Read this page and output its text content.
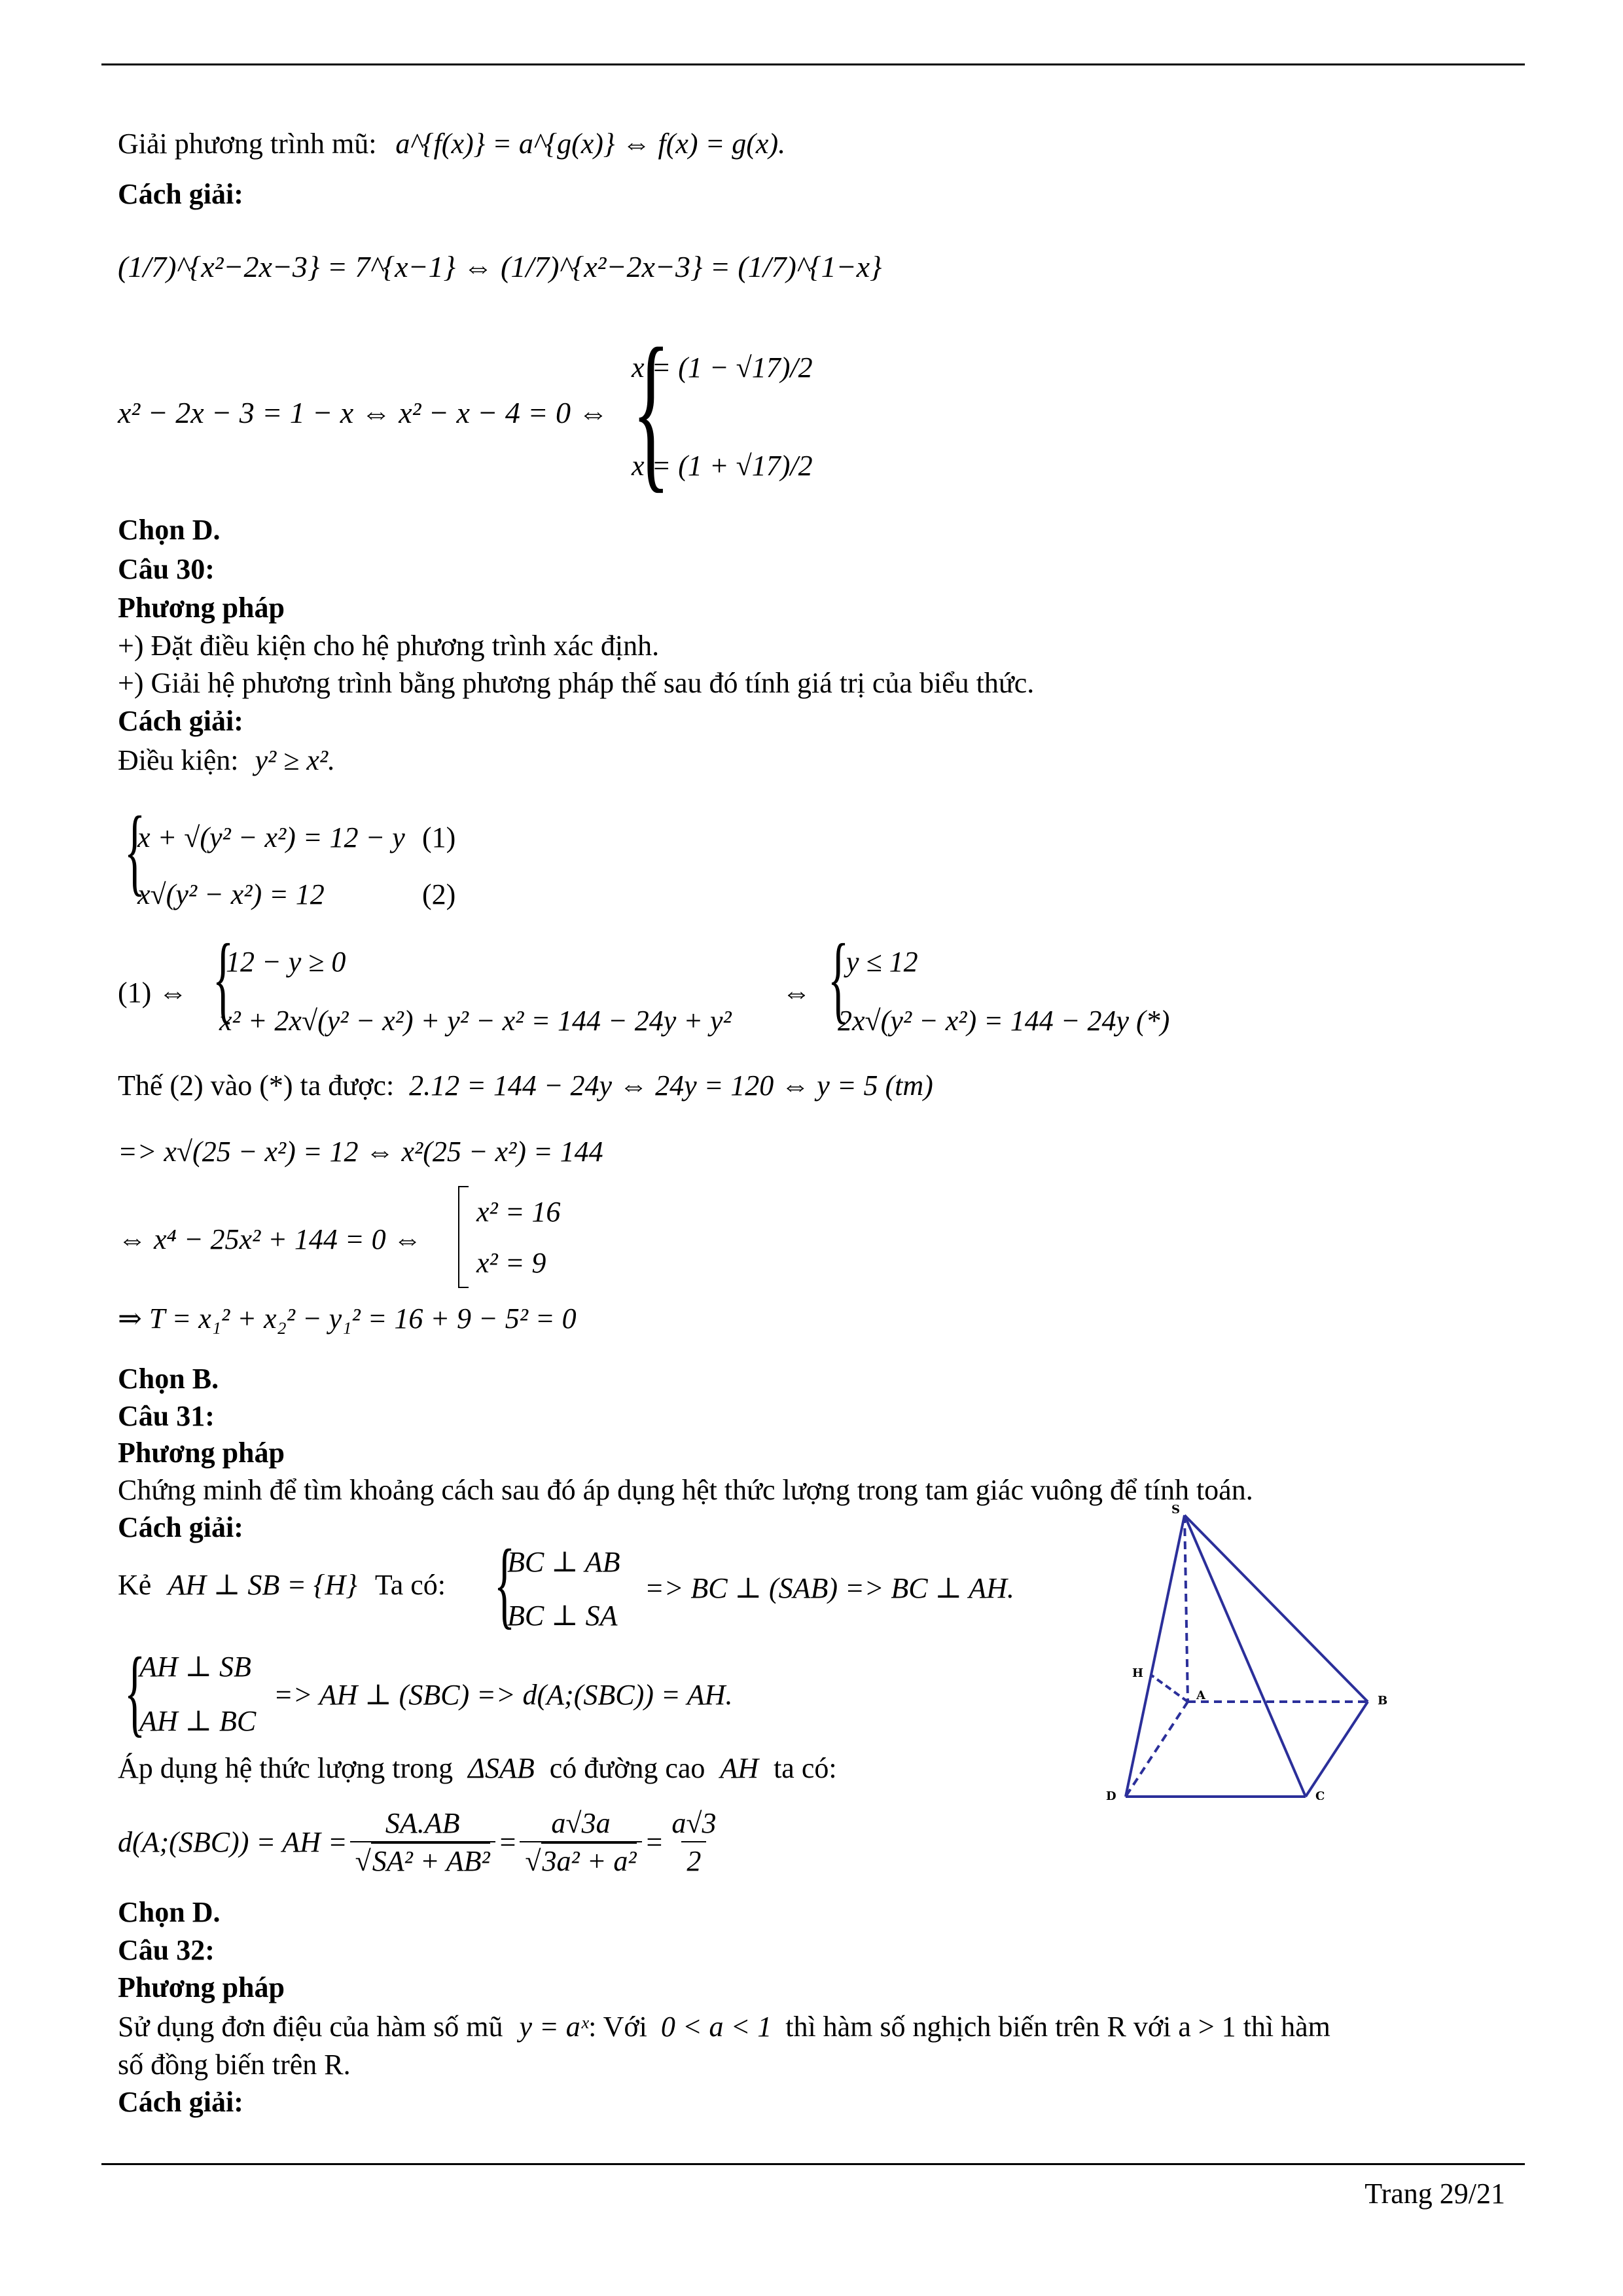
Giải phương trình mũ: a^{f(x)} = a^{g(x)} ⇔ f(x) = g(x).
Cách giải:
(1/7)^{x²−2x−3} = 7^{x−1} ⇔ (1/7)^{x²−2x−3} = (1/7)^{1−x}
x² − 2x − 3 = 1 − x ⇔ x² − x − 4 = 0 ⇔ {
x = (1 − √17)/2
x = (1 + √17)/2
Chọn D.
Câu 30:
Phương pháp
+) Đặt điều kiện cho hệ phương trình xác định.
+) Giải hệ phương trình bằng phương pháp thế sau đó tính giá trị của biểu thức.
Cách giải:
Điều kiện: y² ≥ x².
{
x + √(y² − x²) = 12 − y (1)
x√(y² − x²) = 12	(2)
(1) ⇔ {
12 − y ≥ 0
x² + 2x√(y² − x²) + y² − x² = 144 − 24y + y²
⇔ {
y ≤ 12
2x√(y² − x²) = 144 − 24y (*)
Thế (2) vào (*) ta được: 2.12 = 144 − 24y ⇔ 24y = 120 ⇔ y = 5 (tm)
=> x√(25 − x²) = 12 ⇔ x²(25 − x²) = 144
⇔ x⁴ − 25x² + 144 = 0 ⇔
x² = 16
x² = 9
⇒ T = x₁² + x₂² − y₁² = 16 + 9 − 5² = 0
Chọn B.
Câu 31:
Phương pháp
Chứng minh để tìm khoảng cách sau đó áp dụng hệt thức lượng trong tam giác vuông để tính toán.
Cách giải:
Kẻ AH ⊥ SB = {H} Ta có: {
BC ⊥ AB
BC ⊥ SA
=> BC ⊥ (SAB) => BC ⊥ AH.
{
AH ⊥ SB
AH ⊥ BC
=> AH ⊥ (SBC) => d(A;(SBC)) = AH.
Áp dụng hệ thức lượng trong ΔSAB có đường cao AH ta có:
d(A;(SBC)) = AH = $\frac{SA.AB}{\text{√SA² + AB²}} = \frac{a√3a}{\text{√3a² + a²}} = \frac{a√3}{2}$
Chọn D.
Câu 32:
Phương pháp
Sử dụng đơn điệu của hàm số mũ y = aˣ: Với 0 < a < 1 thì hàm số nghịch biến trên R với a > 1 thì hàm
số đồng biến trên R.
Cách giải:
S
H
A	B
D	C
Trang 29/21
